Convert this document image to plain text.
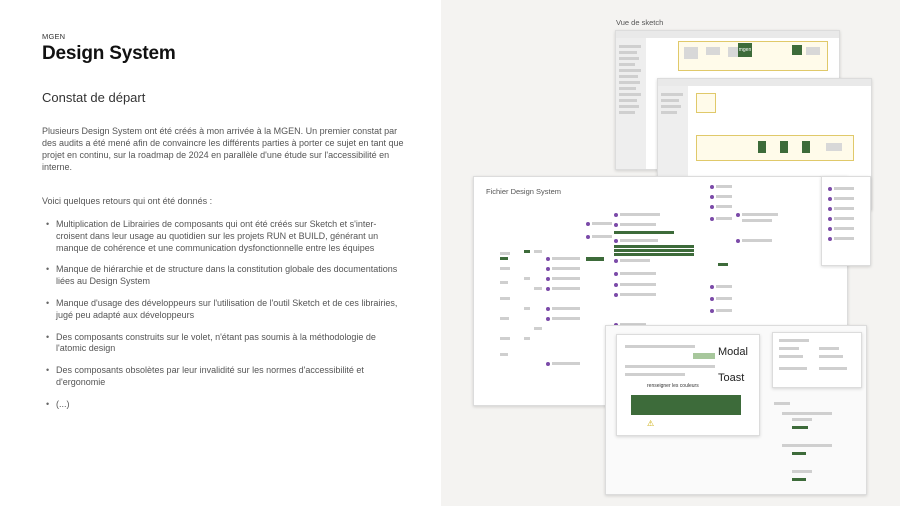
MGEN
Design System
Constat de départ

Plusieurs Design System ont été créés à mon arrivée à la MGEN. Un premier constat par des audits a été mené afin de convaincre les différents parties à porter ce sujet en tant que projet en continu, sur la roadmap de 2024 en parallèle d'une étude sur l'accessibilité en interne.

Voici quelques retours qui ont été donnés :

• Multiplication de Librairies de composants qui ont été créés sur Sketch et s'inter-croisent dans leur usage au quotidien sur les projets RUN et BUILD, générant un manque de cohérence et une communication dysfonctionnelle entre les équipes
• Manque de hiérarchie et de structure dans la constitution globale des documentations liées au Design System
• Manque d'usage des développeurs sur l'utilisation de l'outil Sketch et de ces librairies, jugé peu adapté aux développeurs
• Des composants construits sur le volet, n'étant pas soumis à la méthodologie de l'atomic design
• Des composants obsolètes par leur invalidité sur les normes d'accessibilité et d'ergonomie
• (...)
Vue de sketch
mgen
Fichier Design System
renseigner les couleurs
⚠
Modal
Toast
